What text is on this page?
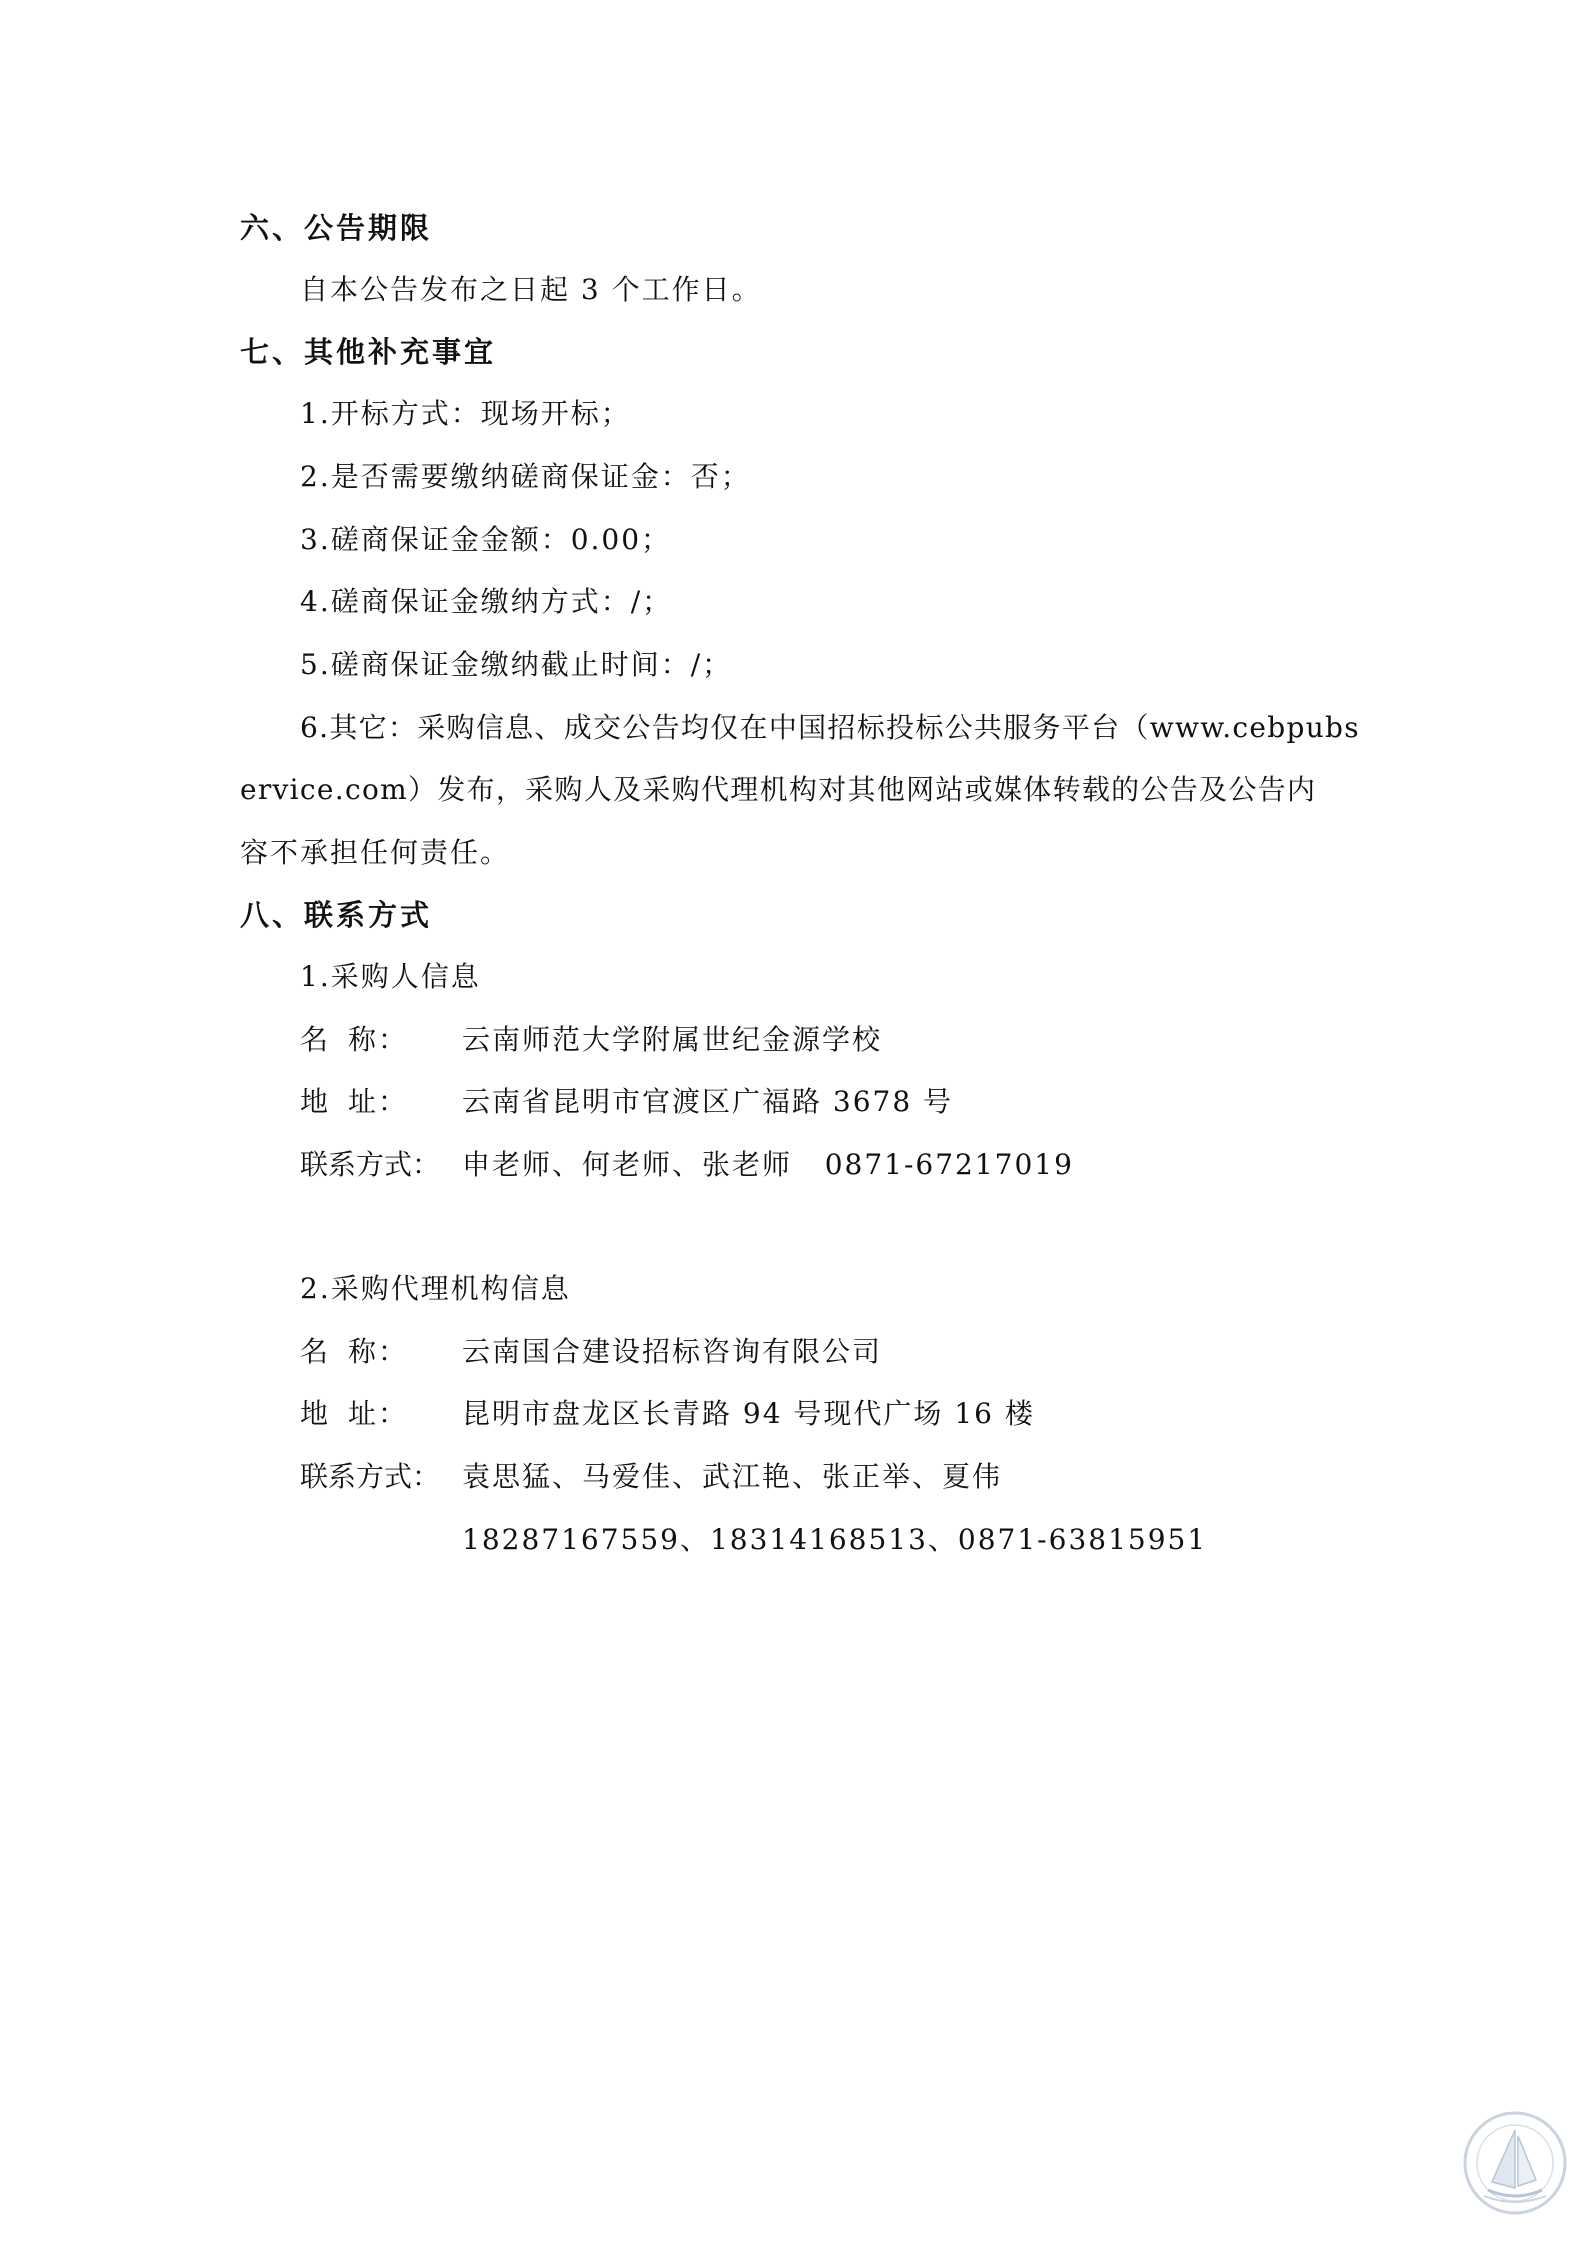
六、公告期限
自本公告发布之日起 3 个工作日。
七、其他补充事宜
1.开标方式：现场开标；
2.是否需要缴纳磋商保证金：否；
3.磋商保证金金额：0.00；
4.磋商保证金缴纳方式：/；
5.磋商保证金缴纳截止时间：/；
6.其它：采购信息、成交公告均仅在中国招标投标公共服务平台（www.cebpubs
ervice.com）发布，采购人及采购代理机构对其他网站或媒体转载的公告及公告内
容不承担任何责任。
八、联系方式
1.采购人信息
名 称： 云南师范大学附属世纪金源学校
地 址： 云南省昆明市官渡区广福路 3678 号
联系方式： 申老师、何老师、张老师   0871-67217019
2.采购代理机构信息
名 称： 云南国合建设招标咨询有限公司
地 址： 昆明市盘龙区长青路 94 号现代广场 16 楼
联系方式： 袁思猛、马爱佳、武江艳、张正举、夏伟
18287167559、18314168513、0871-63815951
